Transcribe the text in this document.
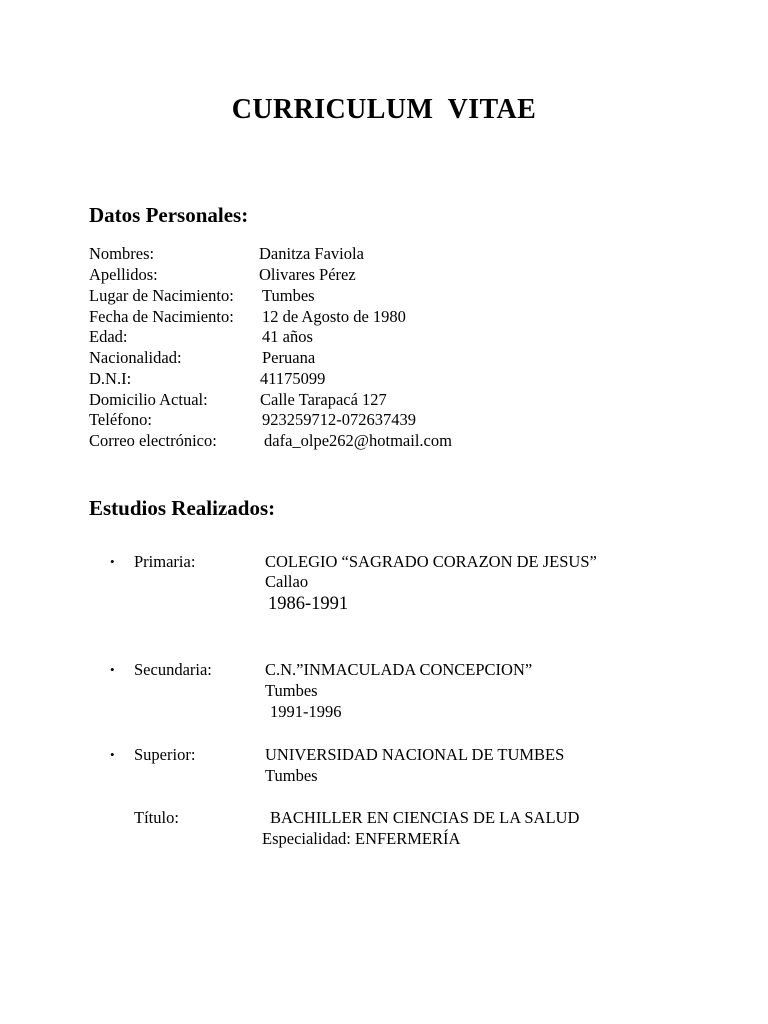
CURRICULUM  VITAE
Datos Personales:
Nombres:	Danitza Faviola
Apellidos:	Olivares Pérez
Lugar de Nacimiento: Tumbes
Fecha de Nacimiento: 12 de Agosto de 1980
Edad:	41 años
Nacionalidad:	Peruana
D.N.I:	41175099
Domicilio Actual:	Calle Tarapacá 127
Teléfono:	923259712-072637439
Correo electrónico:	dafa_olpe262@hotmail.com
Estudios Realizados:
• Primaria:	COLEGIO “SAGRADO CORAZON DE JESUS”
Callao
1986-1991
• Secundaria:	C.N.”INMACULADA CONCEPCION”
Tumbes
1991-1996
• Superior:	UNIVERSIDAD NACIONAL DE TUMBES
Tumbes
Título:	BACHILLER EN CIENCIAS DE LA SALUD
Especialidad: ENFERMERÍA
